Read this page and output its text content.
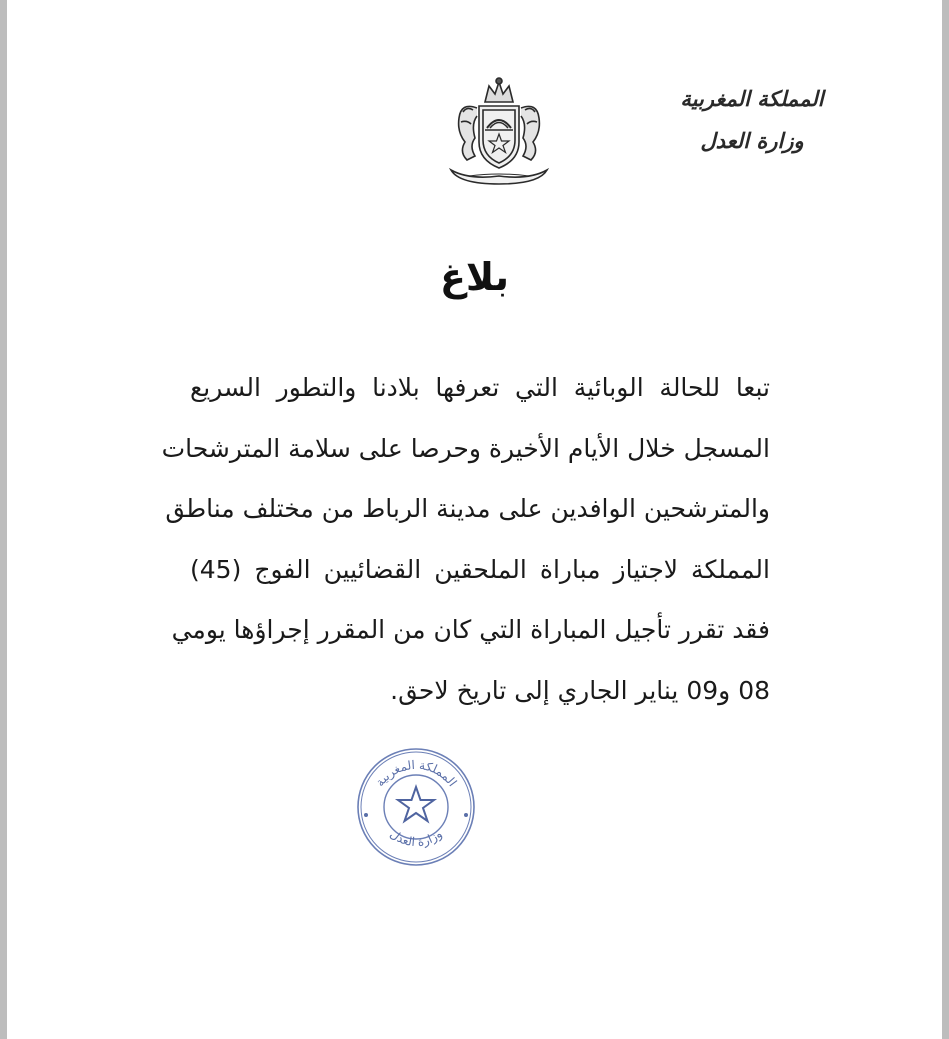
المملكة المغربية
وزارة العدل
بلاغ
تبعا للحالة الوبائية التي تعرفها بلادنا والتطور السريع
المسجل خلال الأيام الأخيرة وحرصا على سلامة المترشحات
والمترشحين الوافدين على مدينة الرباط من مختلف مناطق
المملكة لاجتياز مباراة الملحقين القضائيين الفوج (45)
فقد تقرر تأجيل المباراة التي كان من المقرر إجراؤها يومي
08 و09 يناير الجاري إلى تاريخ لاحق.
المملكة المغربية
وزارة العدل
